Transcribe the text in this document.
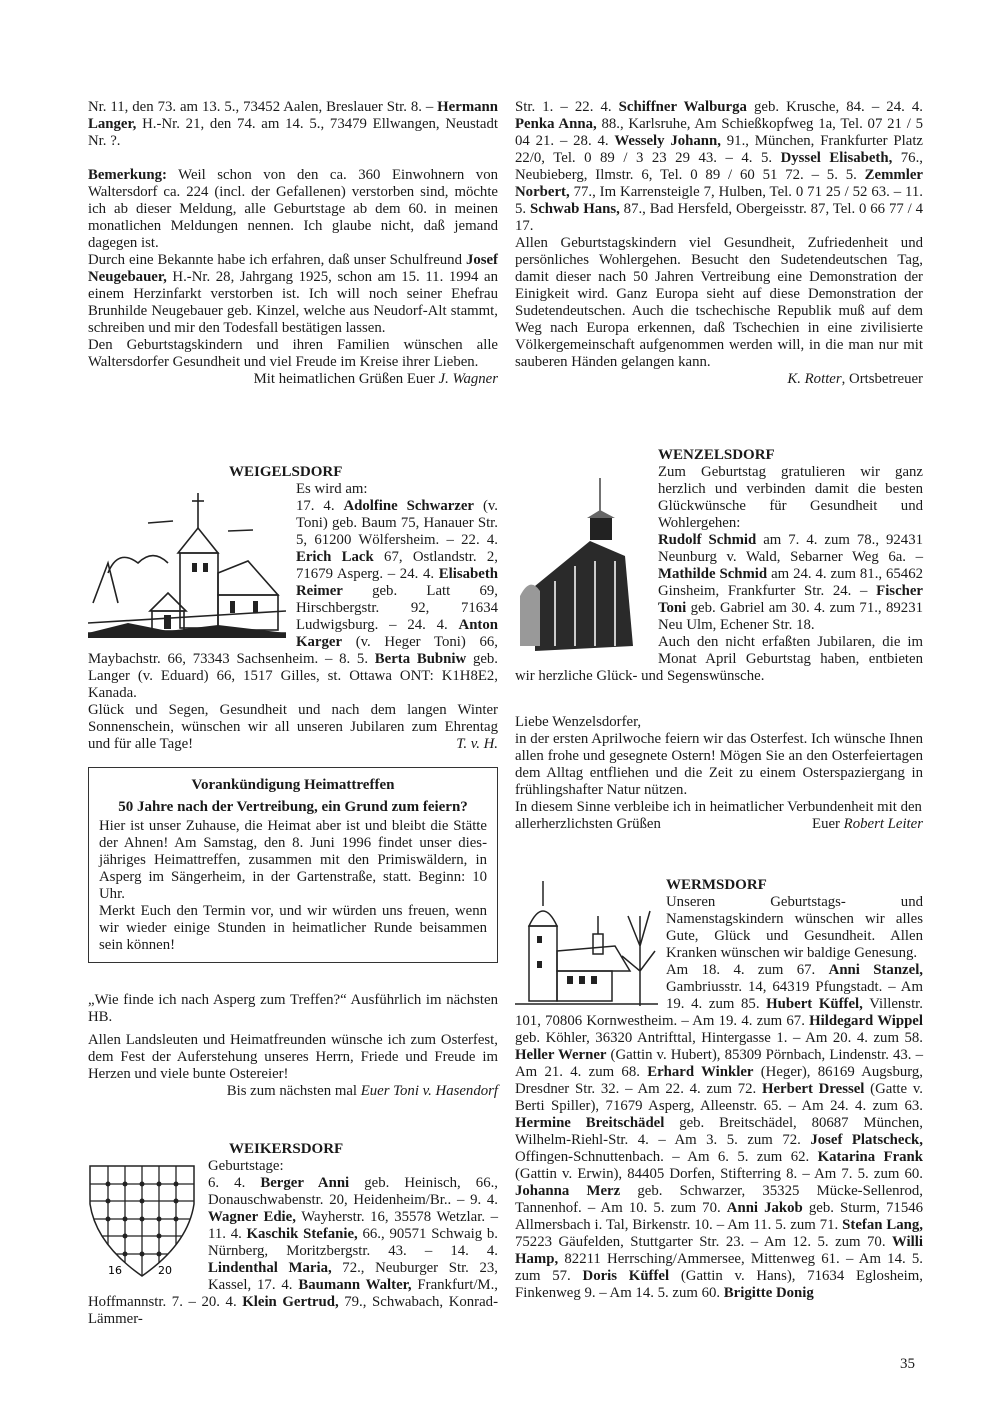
Nr. 11, den 73. am 13. 5., 73452 Aalen, Breslauer Str. 8. – Hermann Langer, H.-Nr. 21, den 74. am 14. 5., 73479 Ellwangen, Neustadt Nr. ?.

Bemerkung: Weil schon von den ca. 360 Einwohnern von Waltersdorf ca. 224 (incl. der Gefallenen) verstorben sind, möchte ich ab dieser Meldung, alle Geburtstage ab dem 60. in meinen monatlichen Meldungen nennen. Ich glaube nicht, daß jemand dagegen ist.

Durch eine Bekannte habe ich erfahren, daß unser Schulfreund Josef Neugebauer, H.-Nr. 28, Jahrgang 1925, schon am 15. 11. 1994 an einem Herzinfarkt verstorben ist. Ich will noch seiner Ehefrau Brunhilde Neugebauer geb. Kinzel, welche aus Neudorf-Alt stammt, schreiben und mir den Todesfall bestätigen lassen.

Den Geburtstagskindern und ihren Familien wünschen alle Waltersdorfer Gesundheit und viel Freude im Kreise ihrer Lieben.

Mit heimatlichen Grüßen Euer J. Wagner

WEIGELSDORF

Es wird am:

17. 4. Adolfine Schwarzer (v. Toni) geb. Baum 75, Hanauer Str. 5, 61200 Wölfersheim. – 22. 4. Erich Lack 67, Ostlandstr. 2, 71679 Asperg. – 24. 4. Elisabeth Reimer geb. Latt 69, Hirschbergstr. 92, 71634 Ludwigsburg. – 24. 4. Anton Karger (v. Heger Toni) 66, Maybachstr. 66, 73343 Sachsenheim. – 8. 5. Berta Bubniw geb. Langer (v. Eduard) 66, 1517 Gilles, st. Ottawa ONT: K1H8E2, Kanada.

Glück und Segen, Gesundheit und nach dem langen Winter Sonnenschein, wünschen wir all unseren Jubilaren zum Ehrentag und für alle Tage!	T. v. H.

Vorankündigung Heimattreffen
50 Jahre nach der Vertreibung, ein Grund zum feiern?

Hier ist unser Zuhause, die Heimat aber ist und bleibt die Stätte der Ahnen! Am Samstag, den 8. Juni 1996 findet unser dies-jähriges Heimattreffen, zusammen mit den Primiswäldern, in Asperg im Sängerheim, in der Gartenstraße, statt. Beginn: 10 Uhr.

Merkt Euch den Termin vor, und wir würden uns freuen, wenn wir wieder einige Stunden in heimatlicher Runde beisammen sein können!

„Wie finde ich nach Asperg zum Treffen?“ Ausführlich im nächsten HB.

Allen Landsleuten und Heimatfreunden wünsche ich zum Osterfest, dem Fest der Auferstehung unseres Herrn, Friede und Freude im Herzen und viele bunte Ostereier!

Bis zum nächsten mal Euer Toni v. Hasendorf

WEIKERSDORF
16	20

Geburtstage:

6. 4. Berger Anni geb. Heinisch, 66., Donauschwabenstr. 20, Heidenheim/Br.. – 9. 4. Wagner Edie, Wayherstr. 16, 35578 Wetzlar. – 11. 4. Kaschik Stefanie, 66., 90571 Schwaig b. Nürnberg, Moritzbergstr. 43. – 14. 4. Lindenthal Maria, 72., Neuburger Str. 23, Kassel, 17. 4. Baumann Walter, Frankfurt/M., Hoffmannstr. 7. – 20. 4. Klein Gertrud, 79., Schwabach, Konrad-Lämmer-

Str. 1. – 22. 4. Schiffner Walburga geb. Krusche, 84. – 24. 4. Penka Anna, 88., Karlsruhe, Am Schießkopfweg 1a, Tel. 07 21 / 5 04 21. – 28. 4. Wessely Johann, 91., München, Frankfurter Platz 22/0, Tel. 0 89 / 3 23 29 43. – 4. 5. Dyssel Elisabeth, 76., Neubieberg, Ilmstr. 6, Tel. 0 89 / 60 51 72. – 5. 5. Zemmler Norbert, 77., Im Karrensteigle 7, Hulben, Tel. 0 71 25 / 52 63. – 11. 5. Schwab Hans, 87., Bad Hersfeld, Obergeisstr. 87, Tel. 0 66 77 / 4 17.

Allen Geburtstagskindern viel Gesundheit, Zufriedenheit und persönliches Wohlergehen. Besucht den Sudetendeutschen Tag, damit dieser nach 50 Jahren Vertreibung eine Demonstration der Einigkeit wird. Ganz Europa sieht auf diese Demonstration der Sudetendeutschen. Auch die tschechische Republik muß auf dem Weg nach Europa erkennen, daß Tschechien in eine zivilisierte Völkergemeinschaft aufgenommen werden will, in die man nur mit sauberen Händen gelangen kann.

K. Rotter, Ortsbetreuer

WENZELSDORF

Zum Geburtstag gratulieren wir ganz herzlich und verbinden damit die besten Glückwünsche für Gesundheit und Wohlergehen:

Rudolf Schmid am 7. 4. zum 78., 92431 Neunburg v. Wald, Sebarner Weg 6a. – Mathilde Schmid am 24. 4. zum 81., 65462 Ginsheim, Frankfurter Str. 24. – Fischer Toni geb. Gabriel am 30. 4. zum 71., 89231 Neu Ulm, Echener Str. 18.

Auch den nicht erfaßten Jubilaren, die im Monat April Geburtstag haben, entbieten wir herzliche Glück- und Segenswünsche.

Liebe Wenzelsdorfer,

in der ersten Aprilwoche feiern wir das Osterfest. Ich wünsche Ihnen allen frohe und gesegnete Ostern! Mögen Sie an den Osterfeiertagen dem Alltag entfliehen und die Zeit zu einem Osterspaziergang in frühlingshafter Natur nützen.

In diesem Sinne verbleibe ich in heimatlicher Verbundenheit mit den allerherzlichsten Grüßen	Euer Robert Leiter

WERMSDORF

Unseren Geburtstags- und Namenstagskindern wünschen wir alles Gute, Glück und Gesundheit. Allen Kranken wünschen wir baldige Genesung.

Am 18. 4. zum 67. Anni Stanzel, Gambriusstr. 14, 64319 Pfungstadt. – Am 19. 4. zum 85. Hubert Küffel, Villenstr. 101, 70806 Kornwestheim. – Am 19. 4. zum 67. Hildegard Wippel geb. Köhler, 36320 Antrifttal, Hintergasse 1. – Am 20. 4. zum 58. Heller Werner (Gattin v. Hubert), 85309 Pörnbach, Lindenstr. 43. – Am 21. 4. zum 68. Erhard Winkler (Heger), 86169 Augsburg, Dresdner Str. 32. – Am 22. 4. zum 72. Herbert Dressel (Gatte v. Berti Spiller), 71679 Asperg, Alleenstr. 65. – Am 24. 4. zum 63. Hermine Breitschädel geb. Breitschädel, 80687 München, Wilhelm-Riehl-Str. 4. – Am 3. 5. zum 72. Josef Platscheck, Offingen-Schnuttenbach. – Am 6. 5. zum 62. Katarina Frank (Gattin v. Erwin), 84405 Dorfen, Stifterring 8. – Am 7. 5. zum 60. Johanna Merz geb. Schwarzer, 35325 Mücke-Sellenrod, Tannenhof. – Am 10. 5. zum 70. Anni Jakob geb. Sturm, 71546 Allmersbach i. Tal, Birkenstr. 10. – Am 11. 5. zum 71. Stefan Lang, 75223 Gäufelden, Stuttgarter Str. 23. – Am 12. 5. zum 70. Willi Hamp, 82211 Herrsching/Ammersee, Mittenweg 61. – Am 14. 5. zum 57. Doris Küffel (Gattin v. Hans), 71634 Eglosheim, Finkenweg 9. – Am 14. 5. zum 60. Brigitte Donig

35
